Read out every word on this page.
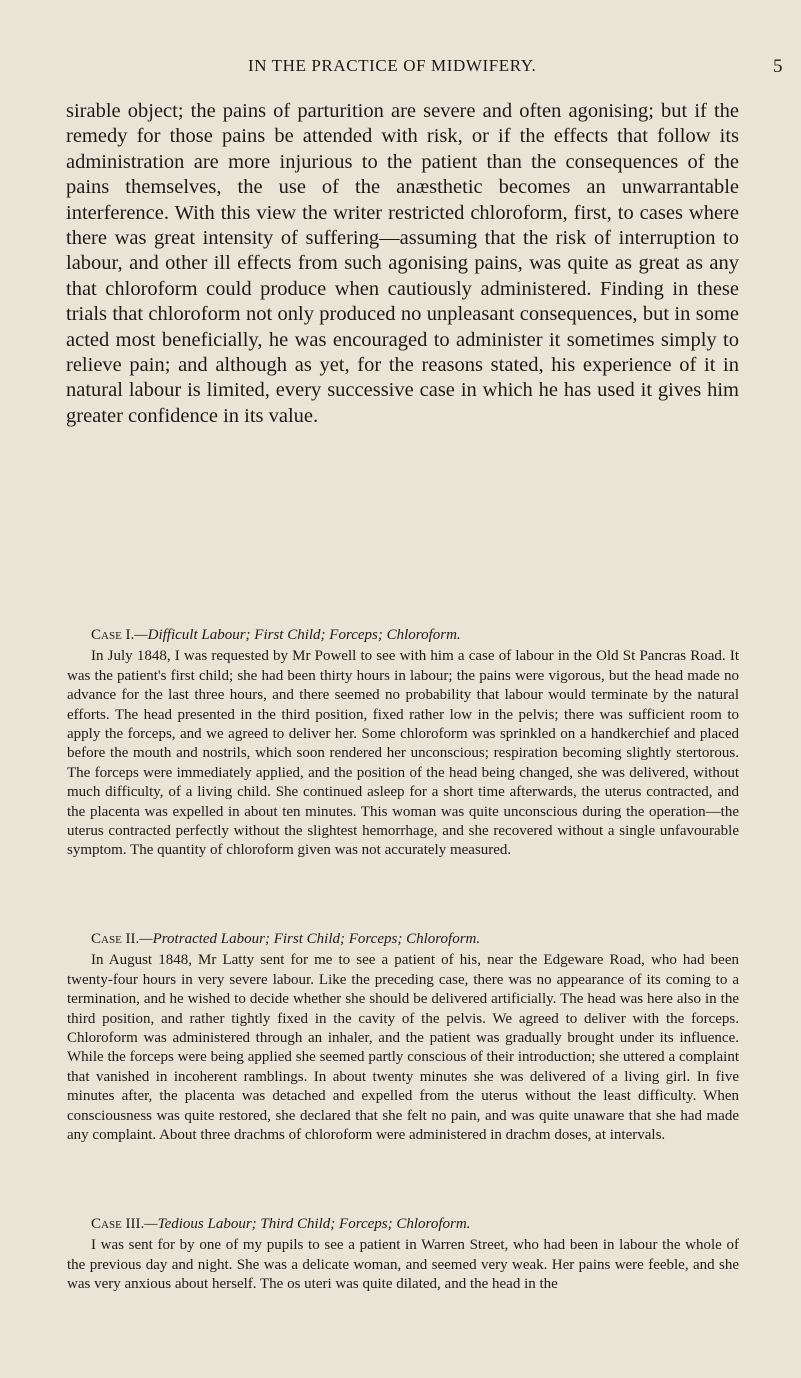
IN THE PRACTICE OF MIDWIFERY.	5

sirable object; the pains of parturition are severe and often agonising; but if the remedy for those pains be attended with risk, or if the effects that follow its administration are more injurious to the patient than the consequences of the pains themselves, the use of the anæsthetic becomes an unwarrantable interference. With this view the writer restricted chloroform, first, to cases where there was great intensity of suffering—assuming that the risk of interruption to labour, and other ill effects from such agonising pains, was quite as great as any that chloroform could produce when cautiously administered. Finding in these trials that chloroform not only produced no unpleasant consequences, but in some acted most beneficially, he was encouraged to administer it sometimes simply to relieve pain; and although as yet, for the reasons stated, his experience of it in natural labour is limited, every successive case in which he has used it gives him greater confidence in its value.

Case I.—Difficult Labour; First Child; Forceps; Chloroform.

In July 1848, I was requested by Mr Powell to see with him a case of labour in the Old St Pancras Road. It was the patient's first child; she had been thirty hours in labour; the pains were vigorous, but the head made no advance for the last three hours, and there seemed no probability that labour would terminate by the natural efforts. The head presented in the third position, fixed rather low in the pelvis; there was sufficient room to apply the forceps, and we agreed to deliver her. Some chloroform was sprinkled on a handkerchief and placed before the mouth and nostrils, which soon rendered her unconscious; respiration becoming slightly stertorous. The forceps were immediately applied, and the position of the head being changed, she was delivered, without much difficulty, of a living child. She continued asleep for a short time afterwards, the uterus contracted, and the placenta was expelled in about ten minutes. This woman was quite unconscious during the operation—the uterus contracted perfectly without the slightest hemorrhage, and she recovered without a single unfavourable symptom. The quantity of chloroform given was not accurately measured.

Case II.—Protracted Labour; First Child; Forceps; Chloroform.

In August 1848, Mr Latty sent for me to see a patient of his, near the Edgeware Road, who had been twenty-four hours in very severe labour. Like the preceding case, there was no appearance of its coming to a termination, and he wished to decide whether she should be delivered artificially. The head was here also in the third position, and rather tightly fixed in the cavity of the pelvis. We agreed to deliver with the forceps. Chloroform was administered through an inhaler, and the patient was gradually brought under its influence. While the forceps were being applied she seemed partly conscious of their introduction; she uttered a complaint that vanished in incoherent ramblings. In about twenty minutes she was delivered of a living girl. In five minutes after, the placenta was detached and expelled from the uterus without the least difficulty. When consciousness was quite restored, she declared that she felt no pain, and was quite unaware that she had made any complaint. About three drachms of chloroform were administered in drachm doses, at intervals.

Case III.—Tedious Labour; Third Child; Forceps; Chloroform.

I was sent for by one of my pupils to see a patient in Warren Street, who had been in labour the whole of the previous day and night. She was a delicate woman, and seemed very weak. Her pains were feeble, and she was very anxious about herself. The os uteri was quite dilated, and the head in the
